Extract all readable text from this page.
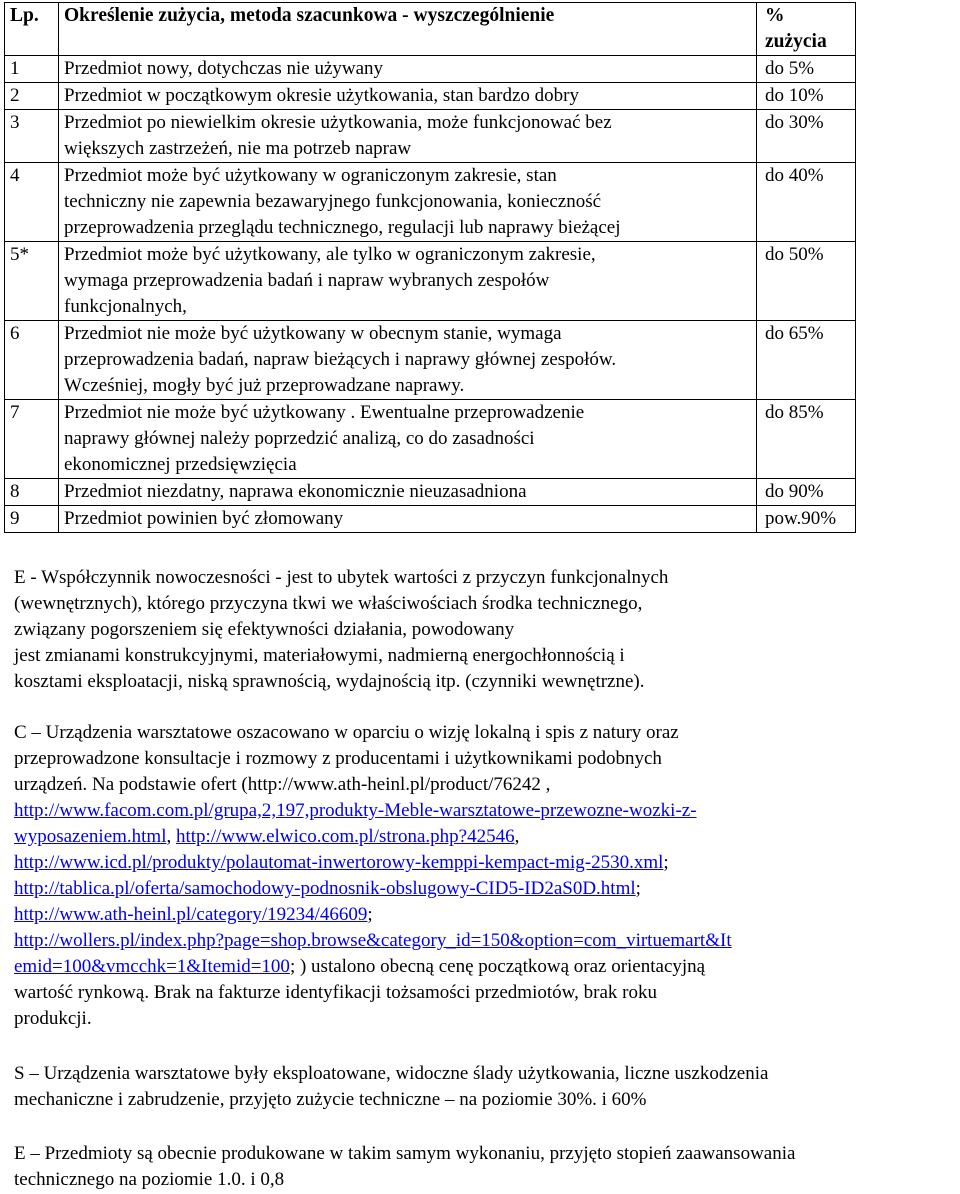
Lp.	Określenie zużycia, metoda szacunkowa - wyszczególnienie	% zużycia
1	Przedmiot nowy, dotychczas nie używany	do 5%
2	Przedmiot w początkowym okresie użytkowania, stan bardzo dobry	do 10%
3	Przedmiot po niewielkim okresie użytkowania, może funkcjonować bez
większych zastrzeżeń, nie ma potrzeb napraw	do 30%
4	Przedmiot może być użytkowany w ograniczonym zakresie, stan
techniczny nie zapewnia bezawaryjnego funkcjonowania, konieczność
przeprowadzenia przeglądu technicznego, regulacji lub naprawy bieżącej	do 40%
5*	Przedmiot może być użytkowany, ale tylko w ograniczonym zakresie,
wymaga przeprowadzenia badań i napraw wybranych zespołów
funkcjonalnych,	do 50%
6	Przedmiot nie może być użytkowany w obecnym stanie, wymaga
przeprowadzenia badań, napraw bieżących i naprawy głównej zespołów.
Wcześniej, mogły być już przeprowadzane naprawy.	do 65%
7	Przedmiot nie może być użytkowany . Ewentualne przeprowadzenie
naprawy głównej należy poprzedzić analizą, co do zasadności
ekonomicznej przedsięwzięcia	do 85%
8	Przedmiot niezdatny, naprawa ekonomicznie nieuzasadniona	do 90%
9	Przedmiot powinien być złomowany	pow.90%
E - Współczynnik nowoczesności - jest to ubytek wartości z przyczyn funkcjonalnych
(wewnętrznych), którego przyczyna tkwi we właściwościach środka technicznego,
związany pogorszeniem się efektywności działania, powodowany
jest zmianami konstrukcyjnymi, materiałowymi, nadmierną energochłonnością i
kosztami eksploatacji, niską sprawnością, wydajnością itp. (czynniki wewnętrzne).
C – Urządzenia warsztatowe oszacowano w oparciu o wizję lokalną i spis z natury oraz
przeprowadzone konsultacje i rozmowy z producentami i użytkownikami podobnych
urządzeń. Na podstawie ofert (http://www.ath-heinl.pl/product/76242 ,
http://www.facom.com.pl/grupa,2,197,produkty-Meble-warsztatowe-przewozne-wozki-z-
wyposazeniem.html, http://www.elwico.com.pl/strona.php?42546,
http://www.icd.pl/produkty/polautomat-inwertorowy-kemppi-kempact-mig-2530.xml;
http://tablica.pl/oferta/samochodowy-podnosnik-obslugowy-CID5-ID2aS0D.html;
http://www.ath-heinl.pl/category/19234/46609;
http://wollers.pl/index.php?page=shop.browse&category_id=150&option=com_virtuemart&It
emid=100&vmcchk=1&Itemid=100; ) ustalono obecną cenę początkową oraz orientacyjną
wartość rynkową. Brak na fakturze identyfikacji tożsamości przedmiotów, brak roku
produkcji.
S – Urządzenia warsztatowe były eksploatowane, widoczne ślady użytkowania, liczne uszkodzenia
mechaniczne i zabrudzenie, przyjęto zużycie techniczne – na poziomie 30%. i 60%
E – Przedmioty są obecnie produkowane w takim samym wykonaniu, przyjęto stopień zaawansowania
technicznego na poziomie 1.0. i 0,8
